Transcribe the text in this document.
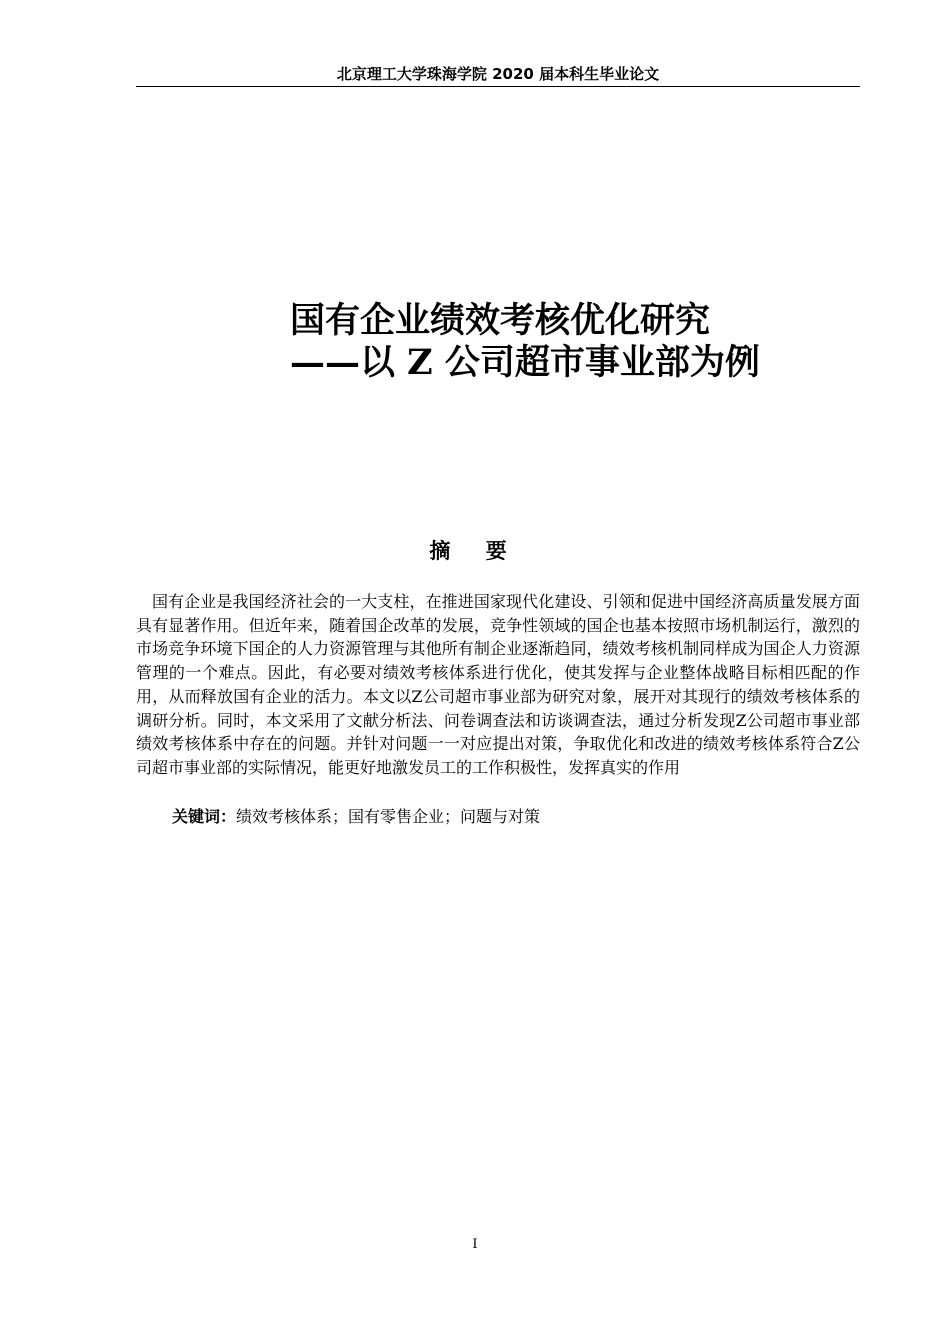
北京理工大学珠海学院 2020 届本科生毕业论文
国有企业绩效考核优化研究
——以 Z 公司超市事业部为例
摘 要
国有企业是我国经济社会的一大支柱，在推进国家现代化建设、引领和促进中国经济高质量发展方面具有显著作用。但近年来，随着国企改革的发展，竞争性领域的国企也基本按照市场机制运行，激烈的市场竞争环境下国企的人力资源管理与其他所有制企业逐渐趋同，绩效考核机制同样成为国企人力资源管理的一个难点。因此，有必要对绩效考核体系进行优化，使其发挥与企业整体战略目标相匹配的作用，从而释放国有企业的活力。本文以Z公司超市事业部为研究对象，展开对其现行的绩效考核体系的调研分析。同时，本文采用了文献分析法、问卷调查法和访谈调查法，通过分析发现Z公司超市事业部绩效考核体系中存在的问题。并针对问题一一对应提出对策，争取优化和改进的绩效考核体系符合Z公司超市事业部的实际情况，能更好地激发员工的工作积极性，发挥真实的作用
关键词：绩效考核体系；国有零售企业；问题与对策
I
